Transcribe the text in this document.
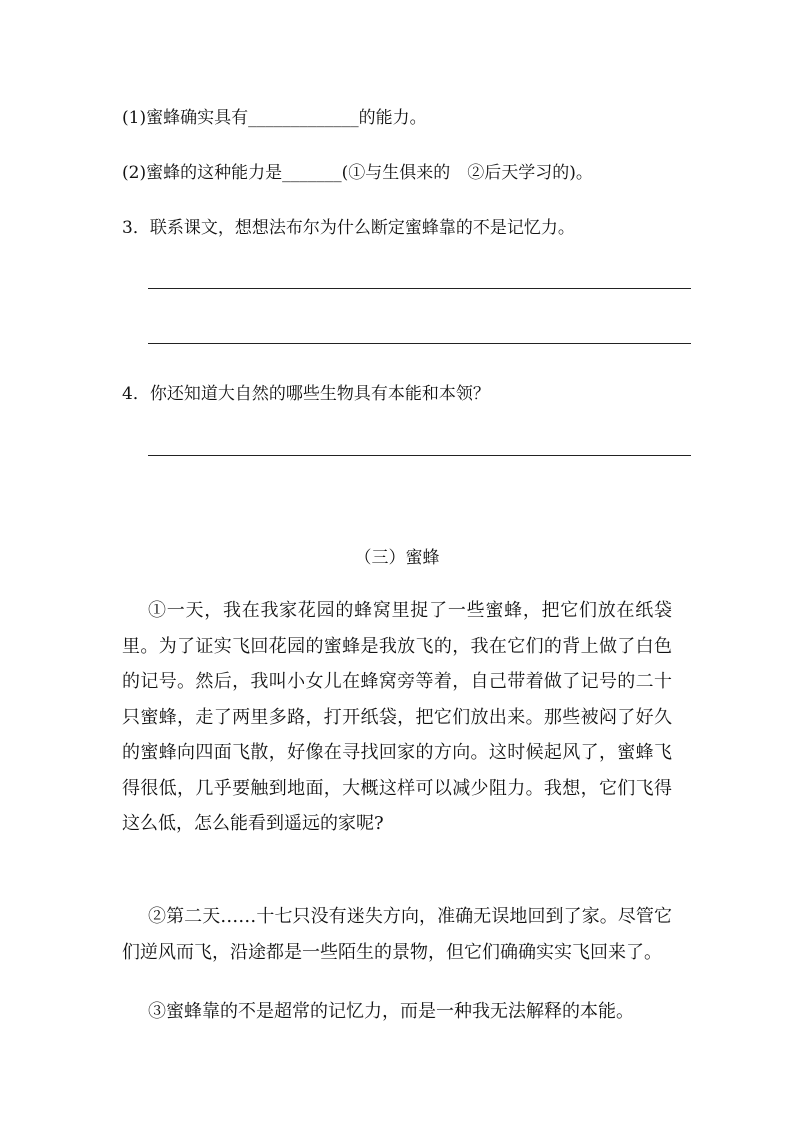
(1)蜜蜂确实具有_____________的能力。
(2)蜜蜂的这种能力是_______(①与生俱来的　②后天学习的)。
3．联系课文，想想法布尔为什么断定蜜蜂靠的不是记忆力。
4．你还知道大自然的哪些生物具有本能和本领？
（三）蜜蜂
①一天，我在我家花园的蜂窝里捉了一些蜜蜂，把它们放在纸袋里。为了证实飞回花园的蜜蜂是我放飞的，我在它们的背上做了白色的记号。然后，我叫小女儿在蜂窝旁等着，自己带着做了记号的二十只蜜蜂，走了两里多路，打开纸袋，把它们放出来。那些被闷了好久的蜜蜂向四面飞散，好像在寻找回家的方向。这时候起风了，蜜蜂飞得很低，几乎要触到地面，大概这样可以减少阻力。我想，它们飞得这么低，怎么能看到遥远的家呢?
②第二天……十七只没有迷失方向，准确无误地回到了家。尽管它们逆风而飞，沿途都是一些陌生的景物，但它们确确实实飞回来了。
③蜜蜂靠的不是超常的记忆力，而是一种我无法解释的本能。
